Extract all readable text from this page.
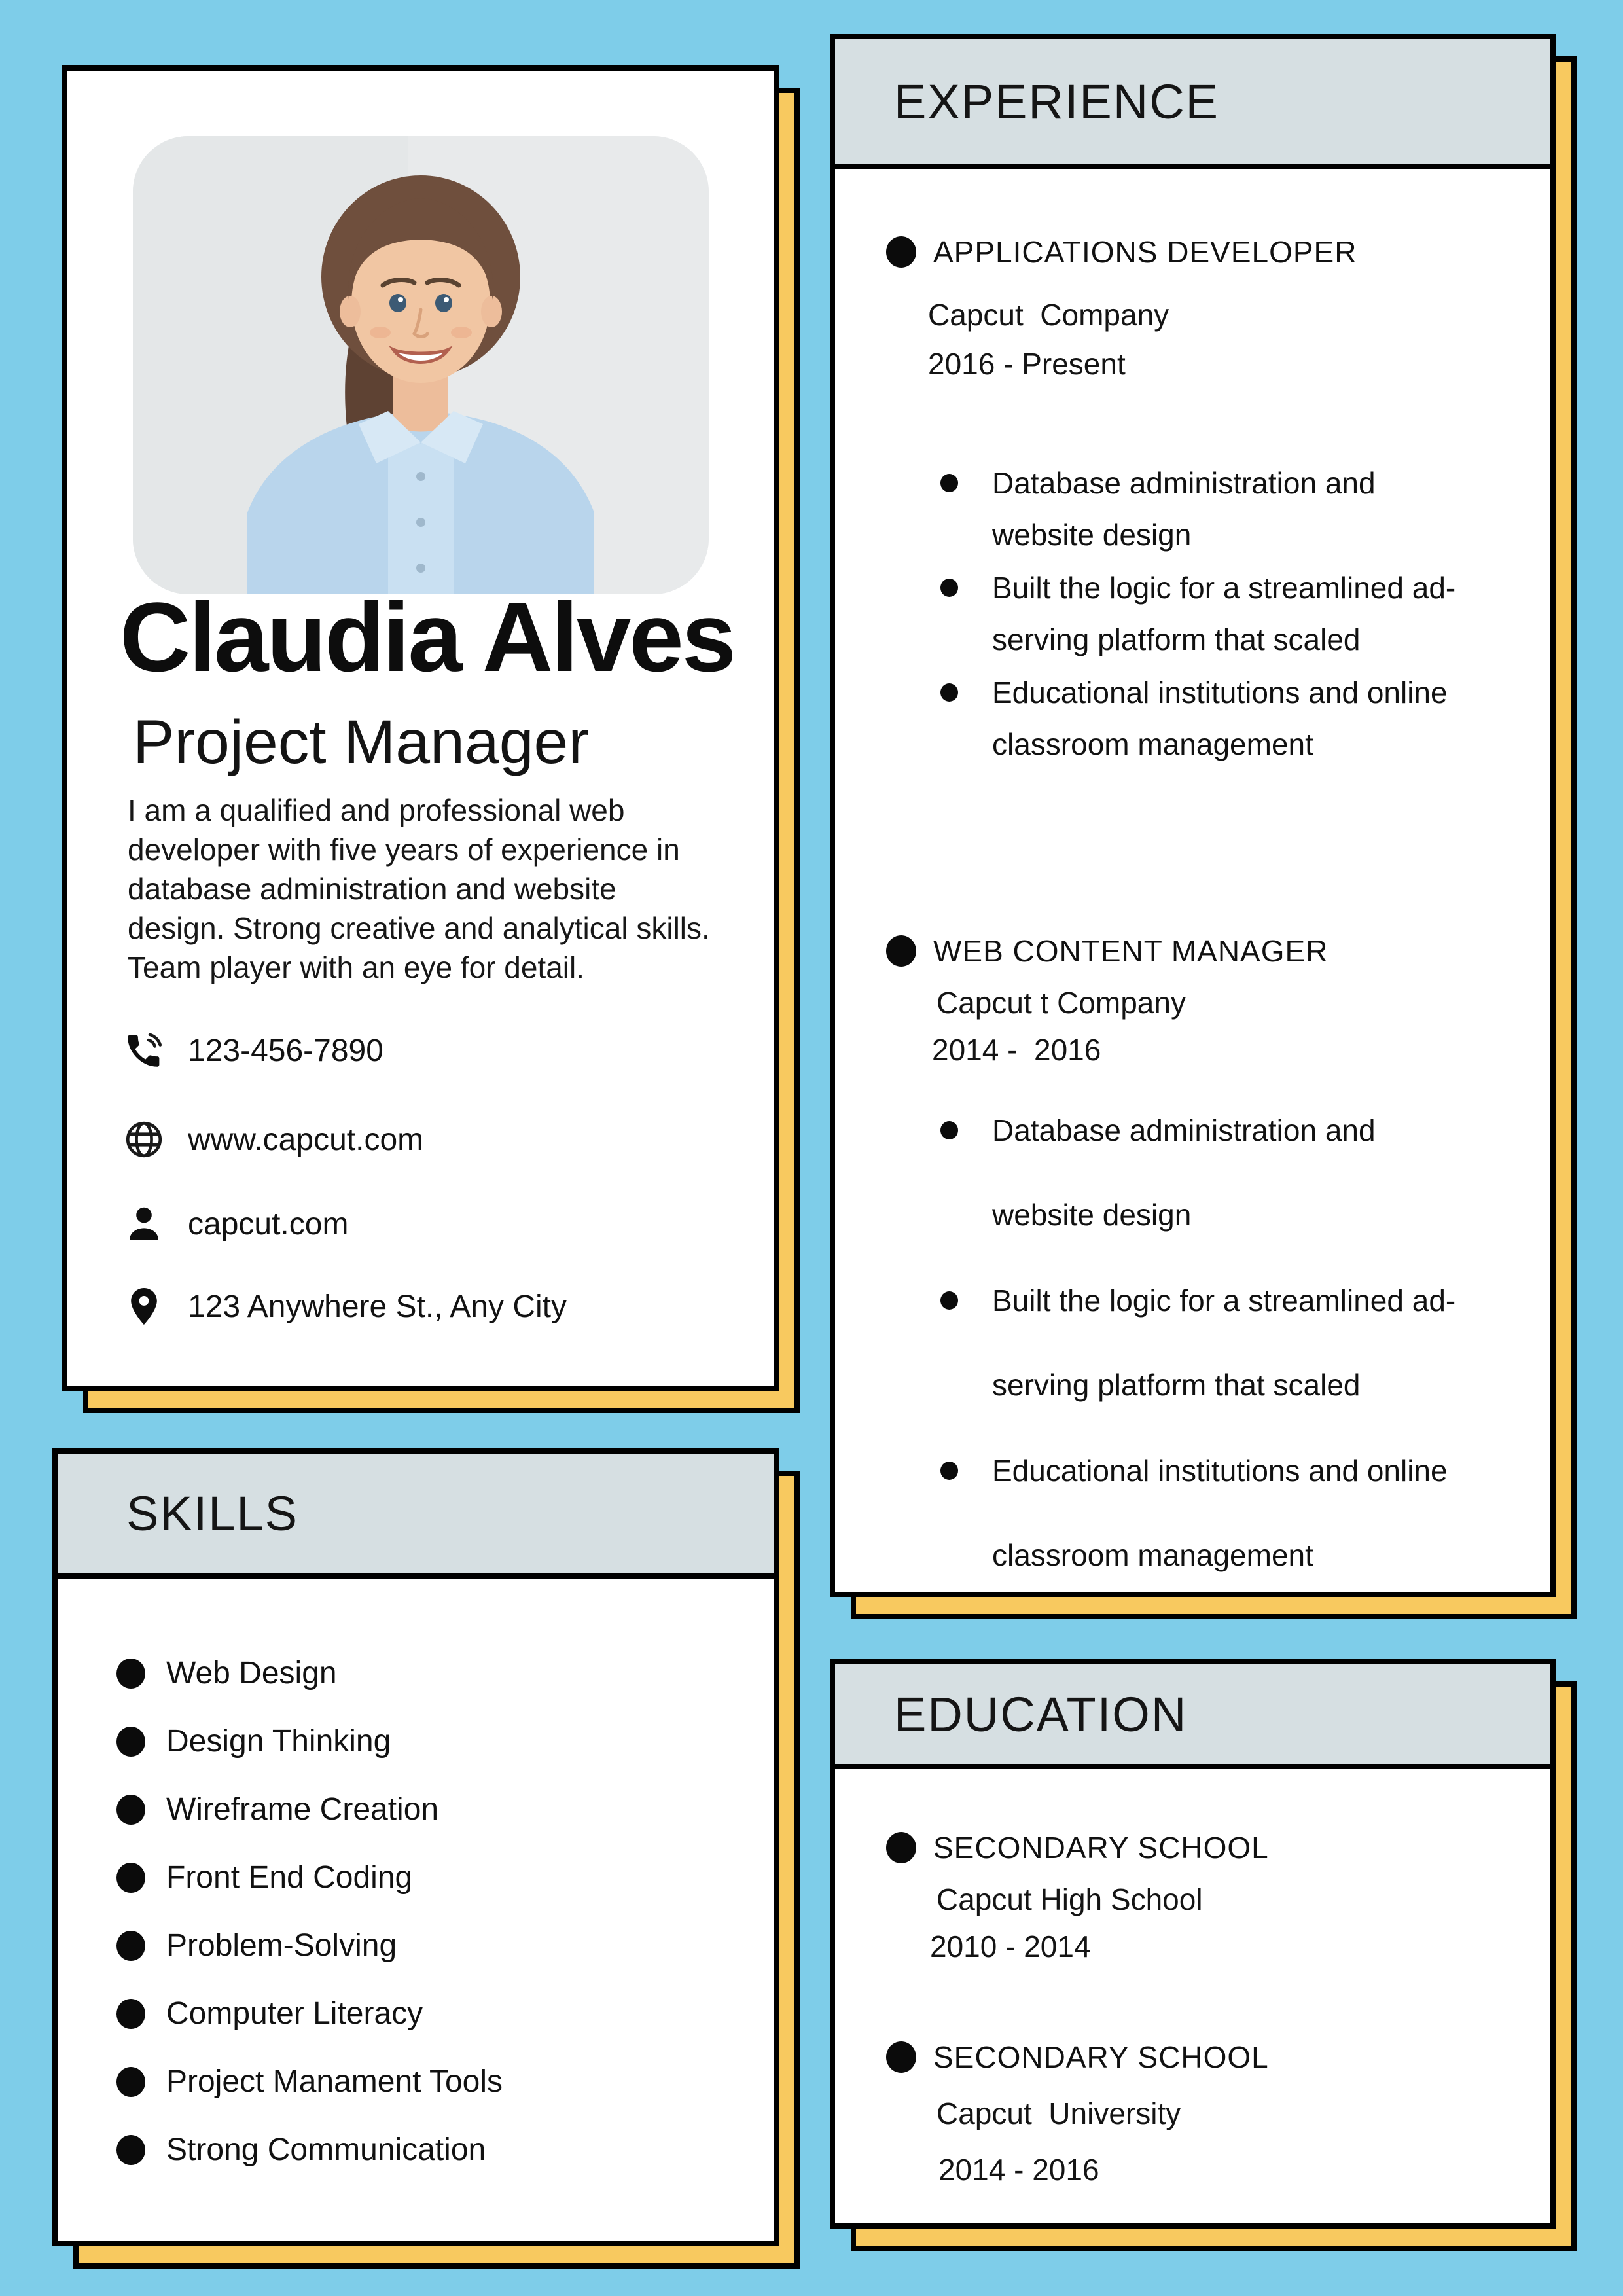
Claudia Alves
Project Manager
I am a qualified and professional web
developer with five years of experience in
database administration and website
design. Strong creative and analytical skills.
Team player with an eye for detail.
123-456-7890
www.capcut.com
capcut.com
123 Anywhere St., Any City
SKILLS
Web Design
Design Thinking
Wireframe Creation
Front End Coding
Problem-Solving
Computer Literacy
Project Manament Tools
Strong Communication
EXPERIENCE
APPLICATIONS DEVELOPER
Capcut  Company
2016 - Present
Database administration and
website design
Built the logic for a streamlined ad-
serving platform that scaled
Educational institutions and online
classroom management
WEB CONTENT MANAGER
Capcut t Company
2014 -  2016
Database administration and
website design
Built the logic for a streamlined ad-
serving platform that scaled
Educational institutions and online
classroom management
EDUCATION
SECONDARY SCHOOL
Capcut High School
2010 - 2014
SECONDARY SCHOOL
Capcut  University
2014 - 2016
